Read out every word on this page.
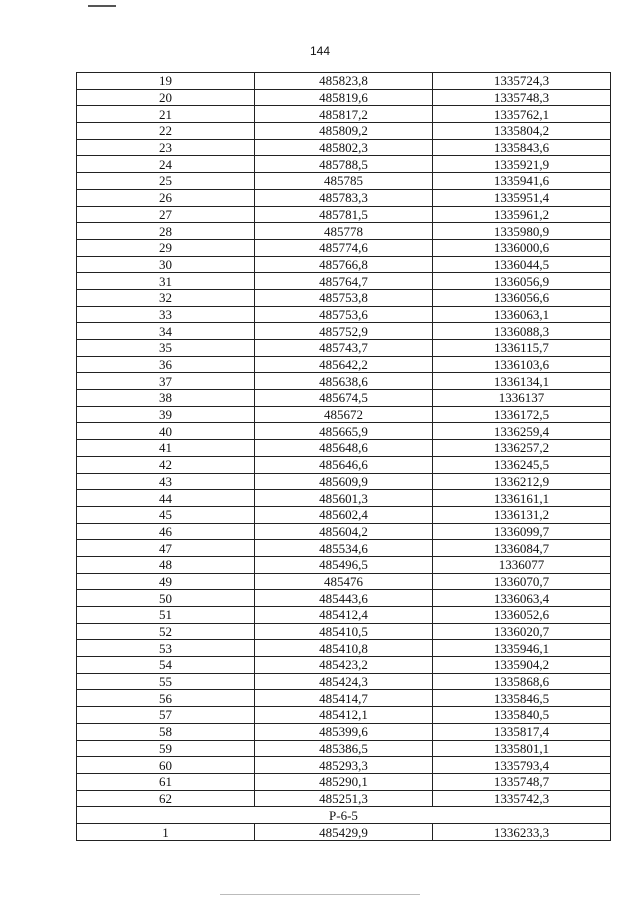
144
19	485823,8	1335724,3
20	485819,6	1335748,3
21	485817,2	1335762,1
22	485809,2	1335804,2
23	485802,3	1335843,6
24	485788,5	1335921,9
25	485785	1335941,6
26	485783,3	1335951,4
27	485781,5	1335961,2
28	485778	1335980,9
29	485774,6	1336000,6
30	485766,8	1336044,5
31	485764,7	1336056,9
32	485753,8	1336056,6
33	485753,6	1336063,1
34	485752,9	1336088,3
35	485743,7	1336115,7
36	485642,2	1336103,6
37	485638,6	1336134,1
38	485674,5	1336137
39	485672	1336172,5
40	485665,9	1336259,4
41	485648,6	1336257,2
42	485646,6	1336245,5
43	485609,9	1336212,9
44	485601,3	1336161,1
45	485602,4	1336131,2
46	485604,2	1336099,7
47	485534,6	1336084,7
48	485496,5	1336077
49	485476	1336070,7
50	485443,6	1336063,4
51	485412,4	1336052,6
52	485410,5	1336020,7
53	485410,8	1335946,1
54	485423,2	1335904,2
55	485424,3	1335868,6
56	485414,7	1335846,5
57	485412,1	1335840,5
58	485399,6	1335817,4
59	485386,5	1335801,1
60	485293,3	1335793,4
61	485290,1	1335748,7
62	485251,3	1335742,3
Р-6-5		
1	485429,9	1336233,3
